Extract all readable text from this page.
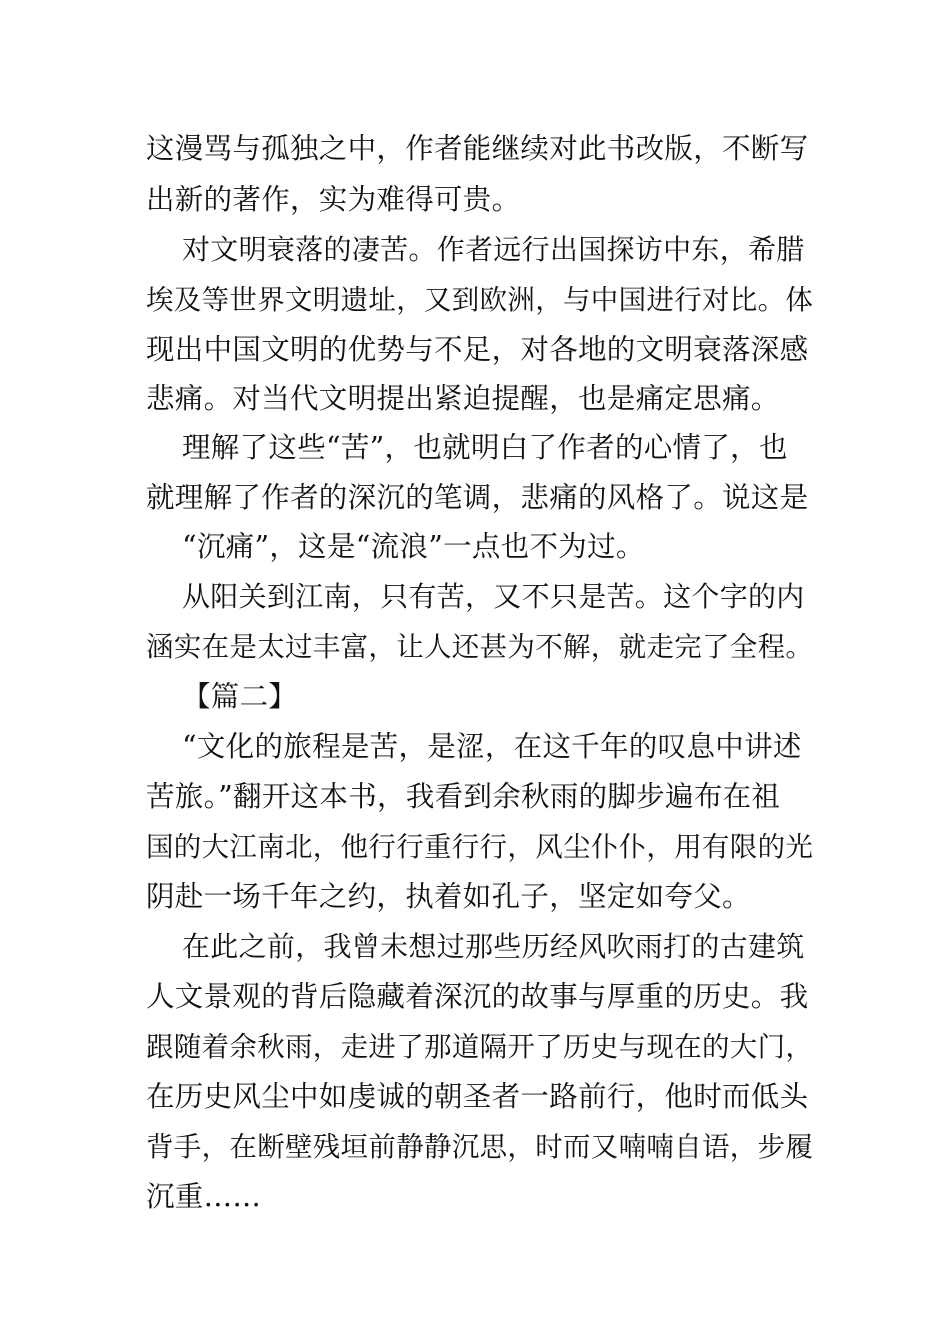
这漫骂与孤独之中，作者能继续对此书改版，不断写
出新的著作，实为难得可贵。
对文明衰落的凄苦。作者远行出国探访中东，希腊
埃及等世界文明遗址，又到欧洲，与中国进行对比。体
现出中国文明的优势与不足，对各地的文明衰落深感
悲痛。对当代文明提出紧迫提醒，也是痛定思痛。
理解了这些“苦”，也就明白了作者的心情了，也
就理解了作者的深沉的笔调，悲痛的风格了。说这是
“沉痛”，这是“流浪”一点也不为过。
从阳关到江南，只有苦，又不只是苦。这个字的内
涵实在是太过丰富，让人还甚为不解，就走完了全程。
【篇二】
“文化的旅程是苦，是涩，在这千年的叹息中讲述
苦旅。”翻开这本书，我看到余秋雨的脚步遍布在祖
国的大江南北，他行行重行行，风尘仆仆，用有限的光
阴赴一场千年之约，执着如孔子，坚定如夸父。
在此之前，我曾未想过那些历经风吹雨打的古建筑
人文景观的背后隐藏着深沉的故事与厚重的历史。我
跟随着余秋雨，走进了那道隔开了历史与现在的大门，
在历史风尘中如虔诚的朝圣者一路前行，他时而低头
背手，在断壁残垣前静静沉思，时而又喃喃自语，步履
沉重……
